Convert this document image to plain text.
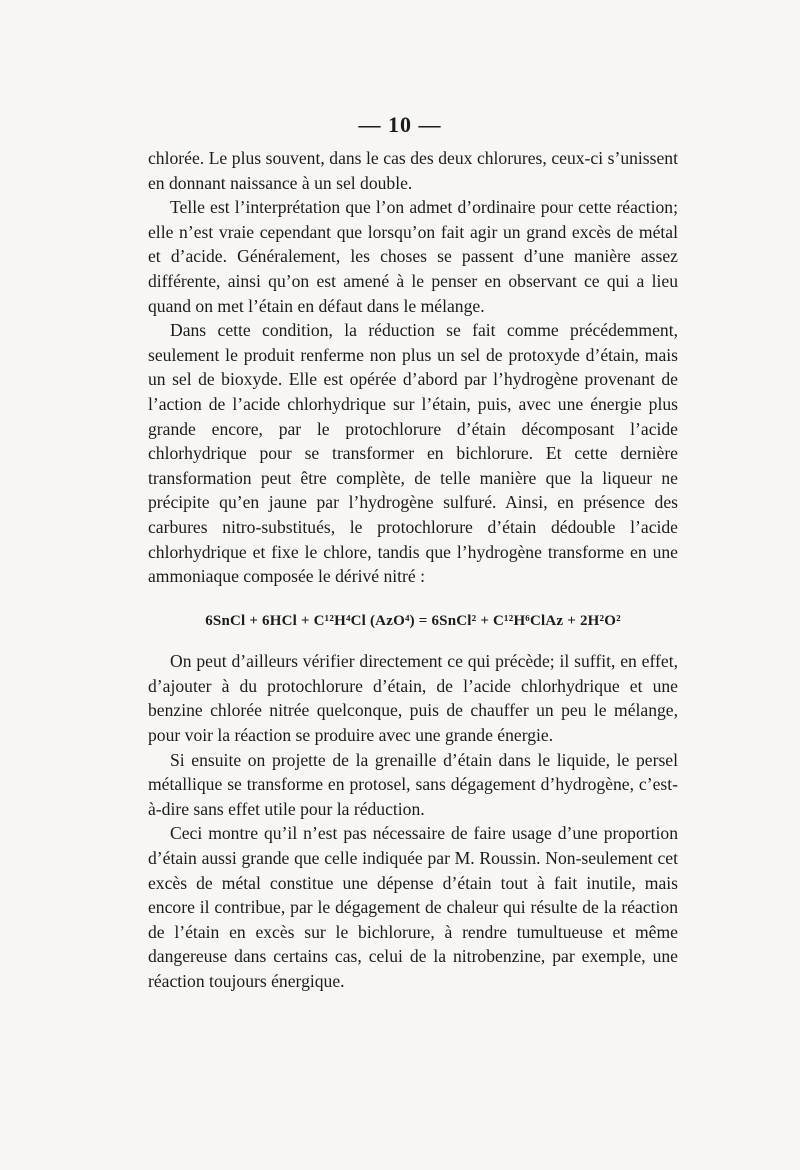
— 10 —

chlorée. Le plus souvent, dans le cas des deux chlorures, ceux-ci s’unissent en donnant naissance à un sel double.

Telle est l’interprétation que l’on admet d’ordinaire pour cette réaction; elle n’est vraie cependant que lorsqu’on fait agir un grand excès de métal et d’acide. Généralement, les choses se passent d’une manière assez différente, ainsi qu’on est amené à le penser en observant ce qui a lieu quand on met l’étain en défaut dans le mélange.

Dans cette condition, la réduction se fait comme précédemment, seulement le produit renferme non plus un sel de protoxyde d’étain, mais un sel de bioxyde. Elle est opérée d’abord par l’hydrogène provenant de l’action de l’acide chlorhydrique sur l’étain, puis, avec une énergie plus grande encore, par le protochlorure d’étain décomposant l’acide chlorhydrique pour se transformer en bichlorure. Et cette dernière transformation peut être complète, de telle manière que la liqueur ne précipite qu’en jaune par l’hydrogène sulfuré. Ainsi, en présence des carbures nitro-substitués, le protochlorure d’étain dédouble l’acide chlorhydrique et fixe le chlore, tandis que l’hydrogène transforme en une ammoniaque composée le dérivé nitré :

6SnCl + 6HCl + C¹²H⁴Cl (AzO⁴) = 6SnCl² + C¹²H⁶ClAz + 2H²O²

On peut d’ailleurs vérifier directement ce qui précède; il suffit, en effet, d’ajouter à du protochlorure d’étain, de l’acide chlorhydrique et une benzine chlorée nitrée quelconque, puis de chauffer un peu le mélange, pour voir la réaction se produire avec une grande énergie.

Si ensuite on projette de la grenaille d’étain dans le liquide, le persel métallique se transforme en protosel, sans dégagement d’hydrogène, c’est-à-dire sans effet utile pour la réduction.

Ceci montre qu’il n’est pas nécessaire de faire usage d’une proportion d’étain aussi grande que celle indiquée par M. Roussin. Non-seulement cet excès de métal constitue une dépense d’étain tout à fait inutile, mais encore il contribue, par le dégagement de chaleur qui résulte de la réaction de l’étain en excès sur le bichlorure, à rendre tumultueuse et même dangereuse dans certains cas, celui de la nitrobenzine, par exemple, une réaction toujours énergique.
